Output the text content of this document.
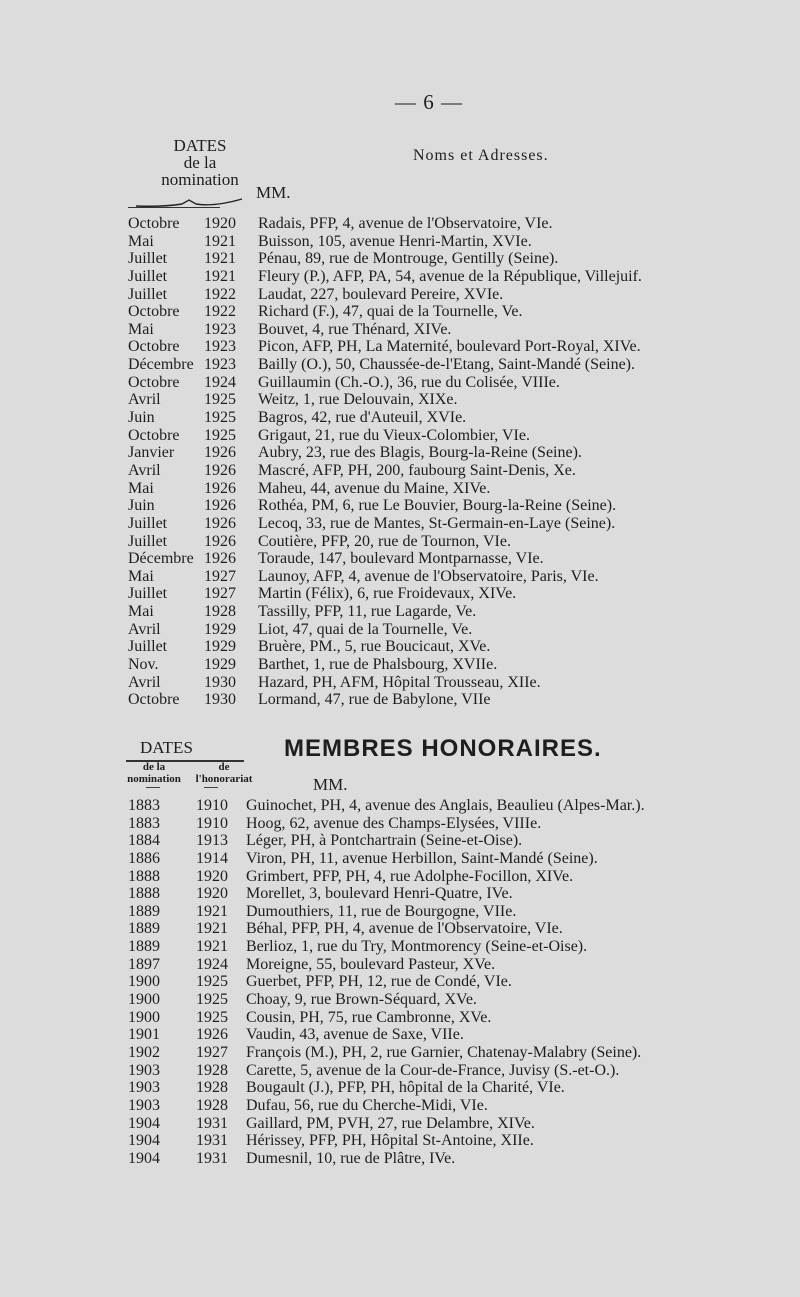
— 6 —
DATES
de la
nomination
Noms et Adresses.
MM.
Octobre 1920 Radais, PFP, 4, avenue de l'Observatoire, VIe.
Mai	1921 Buisson, 105, avenue Henri-Martin, XVIe.
Juillet 1921 Pénau, 89, rue de Montrouge, Gentilly (Seine).
Juillet 1921 Fleury (P.), AFP, PA, 54, avenue de la République, Villejuif.
Juillet 1922 Laudat, 227, boulevard Pereire, XVIe.
Octobre 1922 Richard (F.), 47, quai de la Tournelle, Ve.
Mai	1923 Bouvet, 4, rue Thénard, XIVe.
Octobre 1923 Picon, AFP, PH, La Maternité, boulevard Port-Royal, XIVe.
Décembre 1923 Bailly (O.), 50, Chaussée-de-l'Etang, Saint-Mandé (Seine).
Octobre 1924 Guillaumin (Ch.-O.), 36, rue du Colisée, VIIIe.
Avril	1925 Weitz, 1, rue Delouvain, XIXe.
Juin	1925 Bagros, 42, rue d'Auteuil, XVIe.
Octobre 1925 Grigaut, 21, rue du Vieux-Colombier, VIe.
Janvier 1926 Aubry, 23, rue des Blagis, Bourg-la-Reine (Seine).
Avril	1926 Mascré, AFP, PH, 200, faubourg Saint-Denis, Xe.
Mai	1926 Maheu, 44, avenue du Maine, XIVe.
Juin	1926 Rothéa, PM, 6, rue Le Bouvier, Bourg-la-Reine (Seine).
Juillet 1926 Lecoq, 33, rue de Mantes, St-Germain-en-Laye (Seine).
Juillet 1926 Coutière, PFP, 20, rue de Tournon, VIe.
Décembre 1926 Toraude, 147, boulevard Montparnasse, VIe.
Mai	1927 Launoy, AFP, 4, avenue de l'Observatoire, Paris, VIe.
Juillet 1927 Martin (Félix), 6, rue Froidevaux, XIVe.
Mai	1928 Tassilly, PFP, 11, rue Lagarde, Ve.
Avril	1929 Liot, 47, quai de la Tournelle, Ve.
Juillet 1929 Bruère, PM., 5, rue Boucicaut, XVe.
Nov.	1929 Barthet, 1, rue de Phalsbourg, XVIIe.
Avril	1930 Hazard, PH, AFM, Hôpital Trousseau, XIIe.
Octobre 1930 Lormand, 47, rue de Babylone, VIIe
DATES	MEMBRES HONORAIRES.
de la
nomination
de
l'honorariat	MM.
1883 1910 Guinochet, PH, 4, avenue des Anglais, Beaulieu (Alpes-Mar.).
1883 1910 Hoog, 62, avenue des Champs-Elysées, VIIIe.
1884 1913 Léger, PH, à Pontchartrain (Seine-et-Oise).
1886 1914 Viron, PH, 11, avenue Herbillon, Saint-Mandé (Seine).
1888 1920 Grimbert, PFP, PH, 4, rue Adolphe-Focillon, XIVe.
1888 1920 Morellet, 3, boulevard Henri-Quatre, IVe.
1889 1921 Dumouthiers, 11, rue de Bourgogne, VIIe.
1889 1921 Béhal, PFP, PH, 4, avenue de l'Observatoire, VIe.
1889 1921 Berlioz, 1, rue du Try, Montmorency (Seine-et-Oise).
1897 1924 Moreigne, 55, boulevard Pasteur, XVe.
1900 1925 Guerbet, PFP, PH, 12, rue de Condé, VIe.
1900 1925 Choay, 9, rue Brown-Séquard, XVe.
1900 1925 Cousin, PH, 75, rue Cambronne, XVe.
1901 1926 Vaudin, 43, avenue de Saxe, VIIe.
1902 1927 François (M.), PH, 2, rue Garnier, Chatenay-Malabry (Seine).
1903 1928 Carette, 5, avenue de la Cour-de-France, Juvisy (S.-et-O.).
1903 1928 Bougault (J.), PFP, PH, hôpital de la Charité, VIe.
1903 1928 Dufau, 56, rue du Cherche-Midi, VIe.
1904 1931 Gaillard, PM, PVH, 27, rue Delambre, XIVe.
1904 1931 Hérissey, PFP, PH, Hôpital St-Antoine, XIIe.
1904 1931 Dumesnil, 10, rue de Plâtre, IVe.
